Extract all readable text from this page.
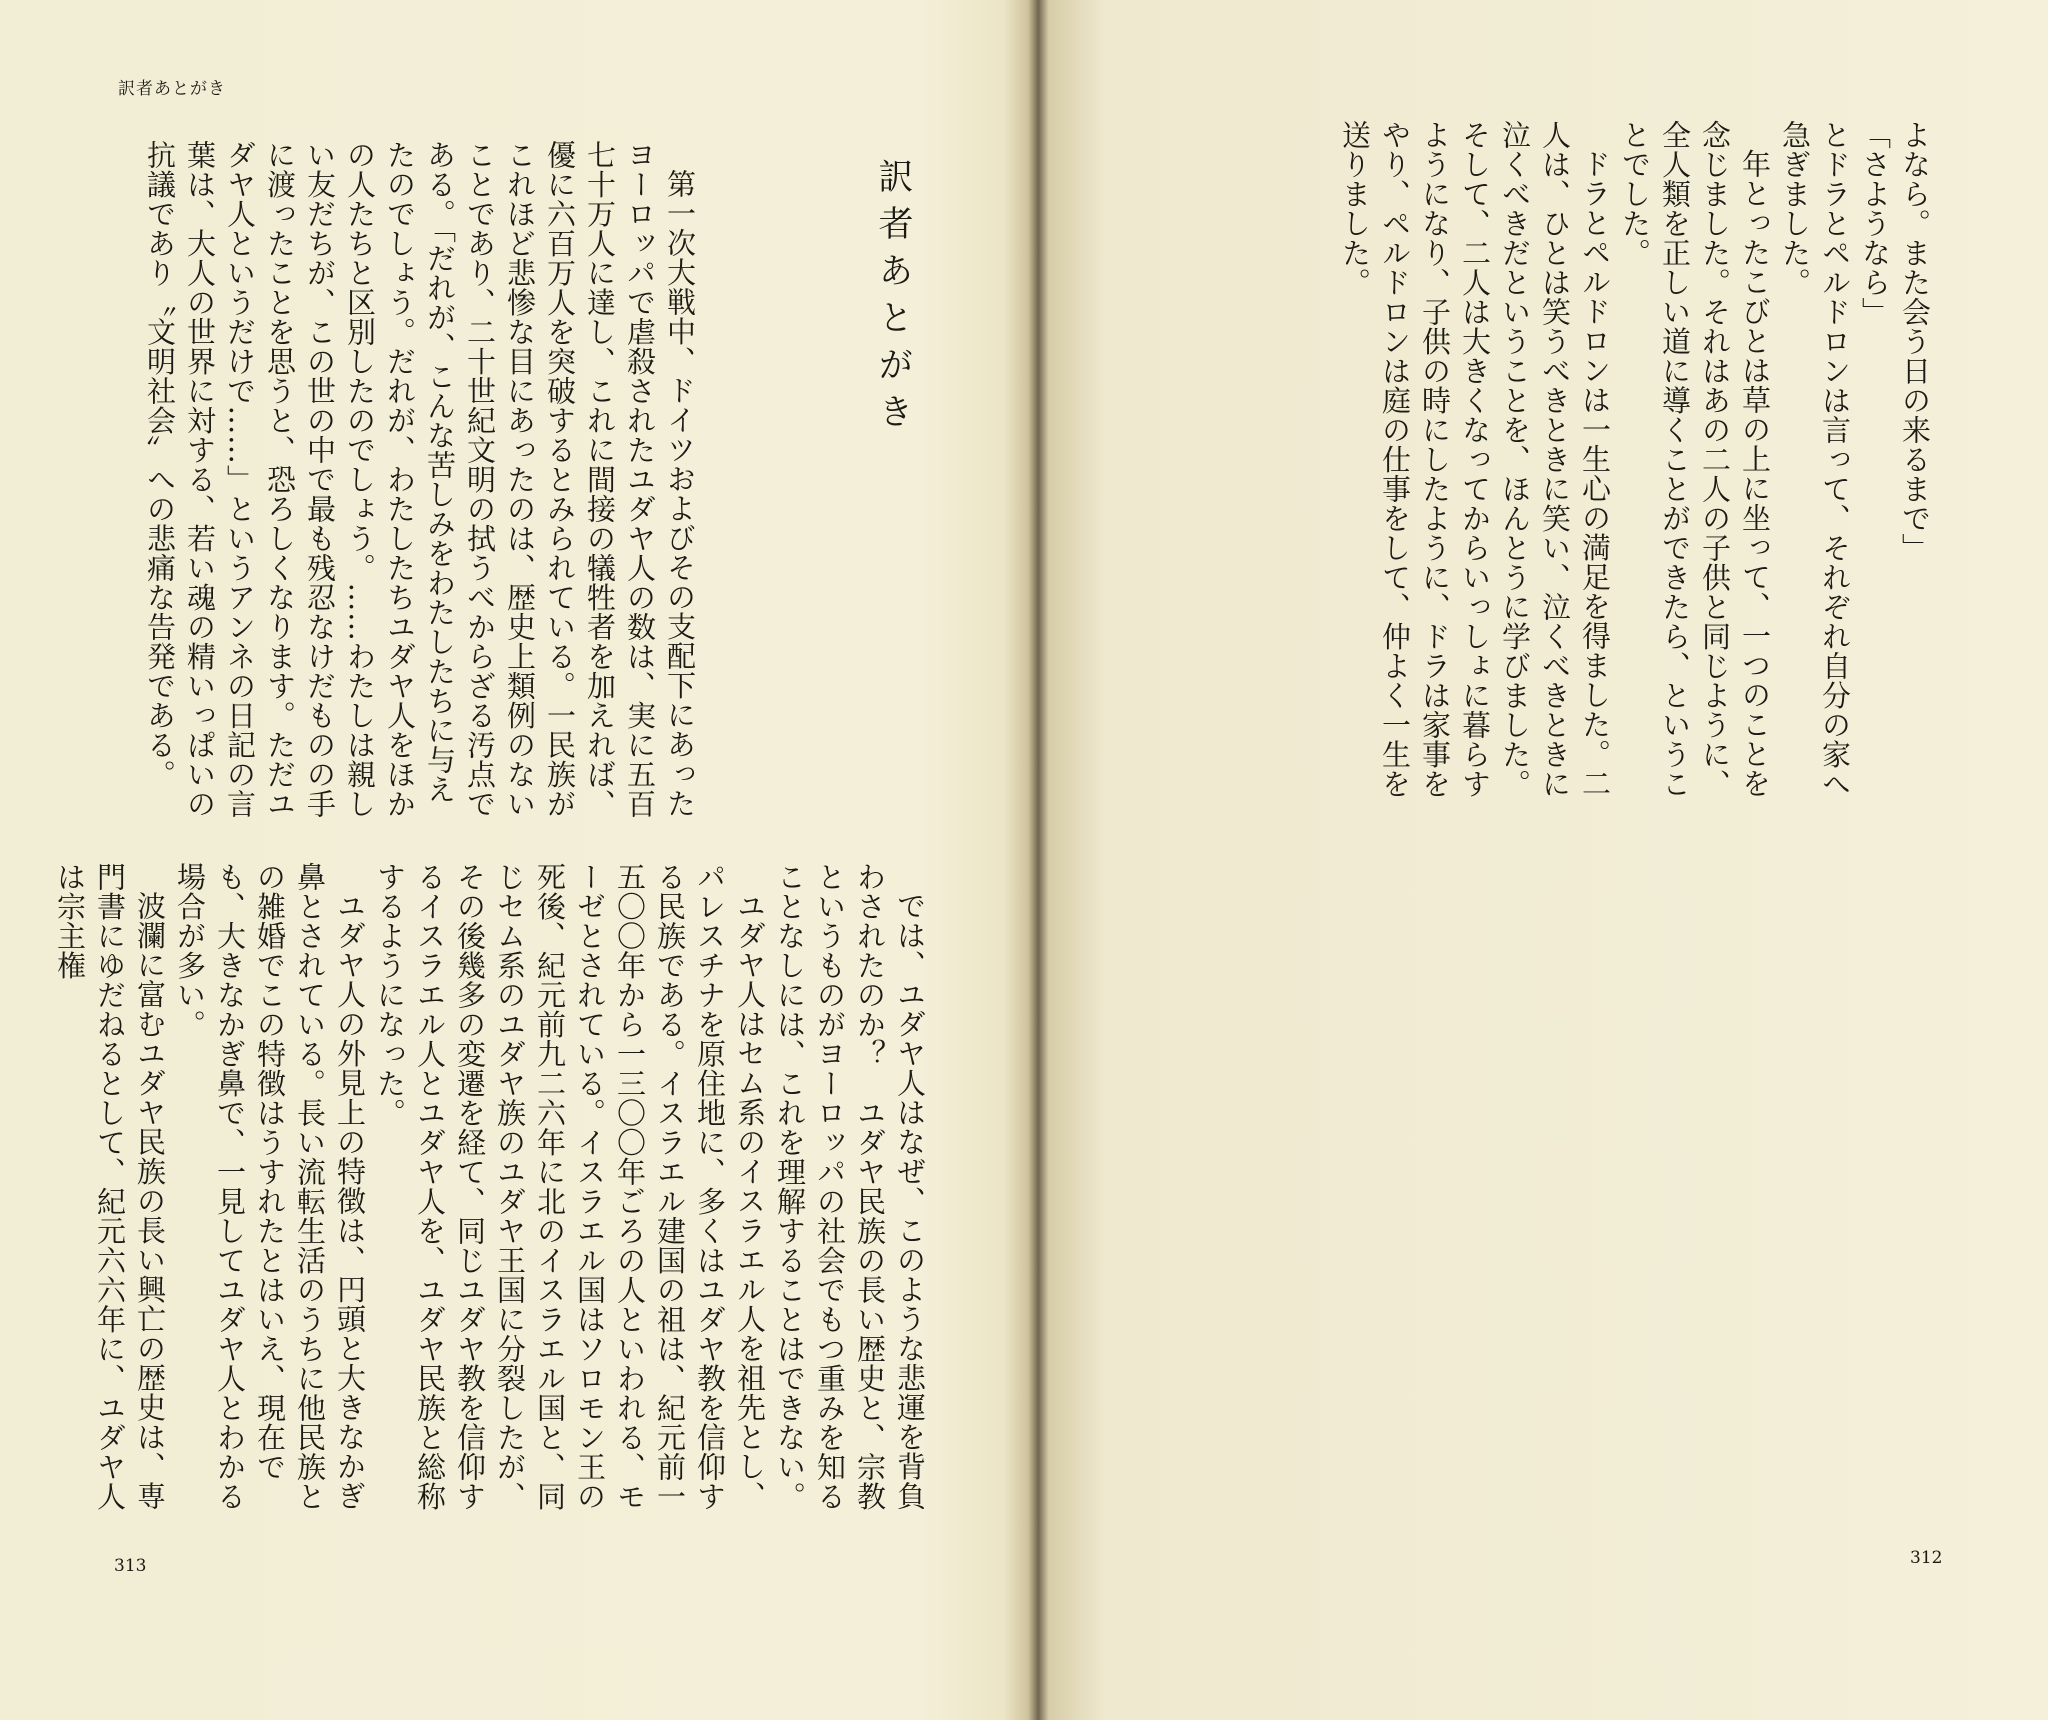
訳者あとがき

第一次大戦中、ドイツおよびその支配下にあったヨーロッパで虐殺されたユダヤ人の数は、実に五百七十万人に達し、これに間接の犠牲者を加えれば、優に六百万人を突破するとみられている。一民族がこれほど悲惨な目にあったのは、歴史上類例のないことであり、二十世紀文明の拭うべからざる汚点である。「だれが、こんな苦しみをわたしたちに与えたのでしょう。だれが、わたしたちユダヤ人をほかの人たちと区別したのでしょう。……わたしは親しい友だちが、この世の中で最も残忍なけだものの手に渡ったことを思うと、恐ろしくなります。ただユダヤ人というだけで……」というアンネの日記の言葉は、大人の世界に対する、若い魂の精いっぱいの抗議であり〝文明社会〟への悲痛な告発である。

では、ユダヤ人はなぜ、このような悲運を背負わされたのか？　ユダヤ民族の長い歴史と、宗教というものがヨーロッパの社会でもつ重みを知ることなしには、これを理解することはできない。

ユダヤ人はセム系のイスラエル人を祖先とし、パレスチナを原住地に、多くはユダヤ教を信仰する民族である。イスラエル建国の祖は、紀元前一五〇〇年から一三〇〇年ごろの人といわれる、モーゼとされている。イスラエル国はソロモン王の死後、紀元前九二六年に北のイスラエル国と、同じセム系のユダヤ族のユダヤ王国に分裂したが、その後幾多の変遷を経て、同じユダヤ教を信仰するイスラエル人とユダヤ人を、ユダヤ民族と総称するようになった。

ユダヤ人の外見上の特徴は、円頭と大きなかぎ鼻とされている。長い流転生活のうちに他民族との雑婚でこの特徴はうすれたとはいえ、現在でも、大きなかぎ鼻で、一見してユダヤ人とわかる場合が多い。

波瀾に富むユダヤ民族の長い興亡の歴史は、専門書にゆだねるとして、紀元六六年に、ユダヤ人は宗主権

訳者あとがき
313

よなら。また会う日の来るまで」

「さようなら」

とドラとペルドロンは言って、それぞれ自分の家へ急ぎました。

年とったこびとは草の上に坐って、一つのことを念じました。それはあの二人の子供と同じように、全人類を正しい道に導くことができたら、ということでした。

ドラとペルドロンは一生心の満足を得ました。二人は、ひとは笑うべきときに笑い、泣くべきときに泣くべきだということを、ほんとうに学びました。そして、二人は大きくなってからいっしょに暮らすようになり、子供の時にしたように、ドラは家事をやり、ペルドロンは庭の仕事をして、仲よく一生を送りました。

312
